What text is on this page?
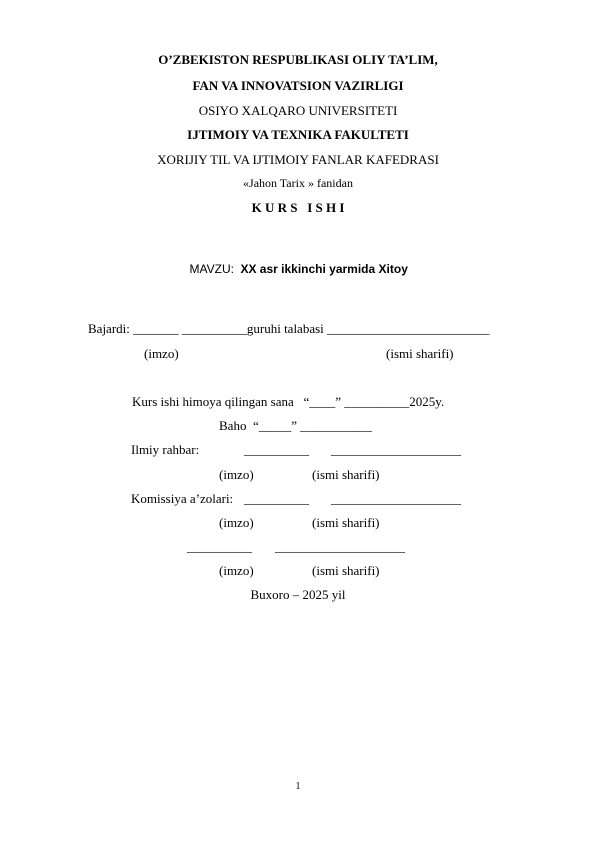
O’ZBEKISTON RESPUBLIKASI OLIY TA’LIM,
FAN VA INNOVATSION VAZIRLIGI
OSIYO XALQARO UNIVERSITETI
IJTIMOIY VA TEXNIKA FAKULTETI
XORIJIY TIL VA IJTIMOIY FANLAR KAFEDRASI
«Jahon Tarix » fanidan
K U R S   I S H I

MAVZU: XX asr ikkinchi yarmida Xitoy

Bajardi: _______ __________guruhi talabasi _________________________
(imzo)	(ismi sharifi)
Kurs ishi himoya qilingan sana   “____” __________2025y.
Baho  “_____” ___________
Ilmiy rahbar:	__________ ____________________
(imzo)	(ismi sharifi)
Komissiya a’zolari: __________ ____________________
(imzo)	(ismi sharifi)
__________ ____________________
(imzo)	(ismi sharifi)
Buxoro – 2025 yil
1
